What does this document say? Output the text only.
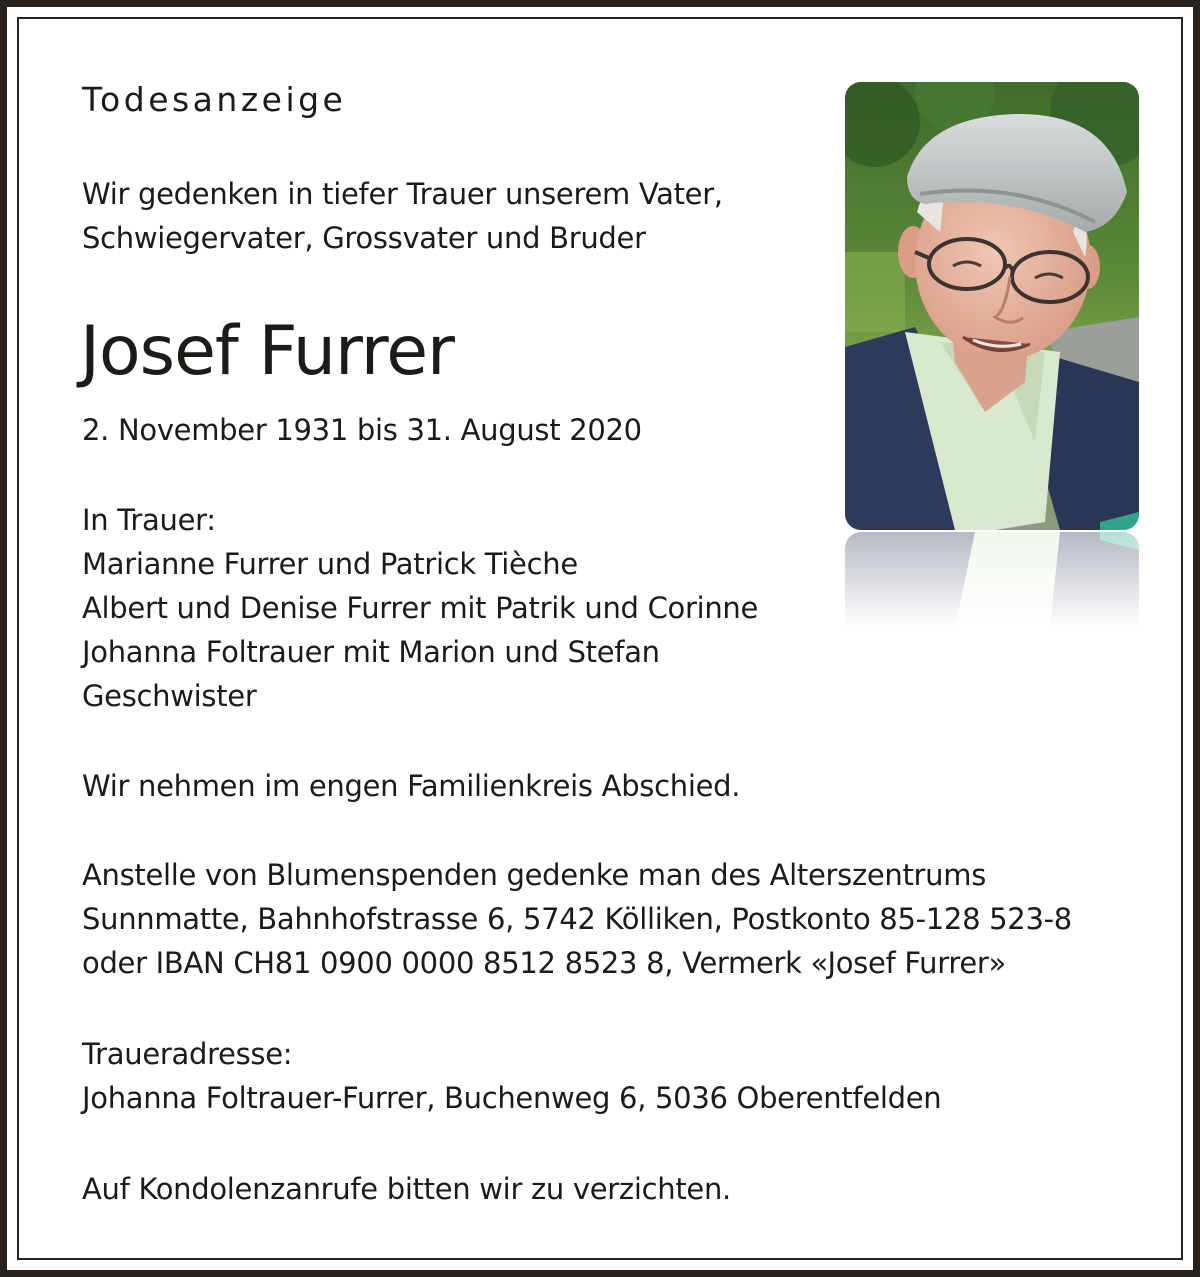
Todesanzeige

Wir gedenken in tiefer Trauer unserem Vater,
Schwiegervater, Grossvater und Bruder

Josef Furrer

2. November 1931 bis 31. August 2020

In Trauer:
Marianne Furrer und Patrick Tièche
Albert und Denise Furrer mit Patrik und Corinne
Johanna Foltrauer mit Marion und Stefan
Geschwister

Wir nehmen im engen Familienkreis Abschied.

Anstelle von Blumenspenden gedenke man des Alterszentrums
Sunnmatte, Bahnhofstrasse 6, 5742 Kölliken, Postkonto 85-128 523-8
oder IBAN CH81 0900 0000 8512 8523 8, Vermerk «Josef Furrer»
Traueradresse:
Johanna Foltrauer-Furrer, Buchenweg 6, 5036 Oberentfelden

Auf Kondolenzanrufe bitten wir zu verzichten.
